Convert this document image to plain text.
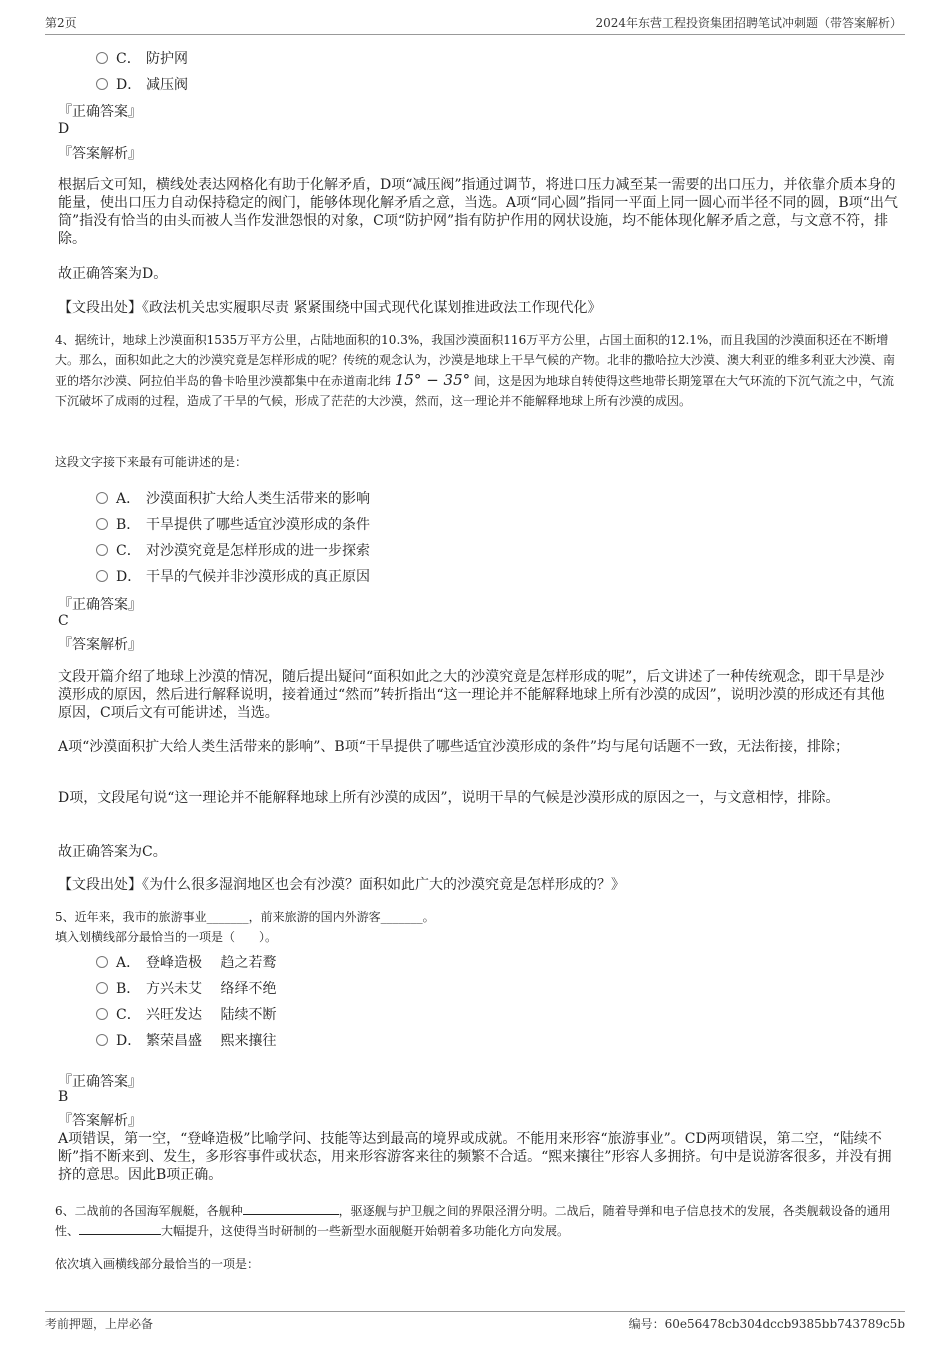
第2页	2024年东营工程投资集团招聘笔试冲刺题（带答案解析）
C． 防护网
D． 减压阀
『正确答案』
D
『答案解析』
根据后文可知，横线处表达网格化有助于化解矛盾，D项“减压阀”指通过调节，将进口压力减至某一需要的出口压力，并依靠介质本身的能量，使出口压力自动保持稳定的阀门，能够体现化解矛盾之意，当选。A项“同心圆”指同一平面上同一圆心而半径不同的圆，B项“出气筒”指没有恰当的由头而被人当作发泄怨恨的对象，C项“防护网”指有防护作用的网状设施，均不能体现化解矛盾之意，与文意不符，排除。
故正确答案为D。
【文段出处】《政法机关忠实履职尽责 紧紧围绕中国式现代化谋划推进政法工作现代化》
4、据统计，地球上沙漠面积1535万平方公里，占陆地面积的10.3%，我国沙漠面积116万平方公里，占国土面积的12.1%，而且我国的沙漠面积还在不断增大。那么，面积如此之大的沙漠究竟是怎样形成的呢？传统的观念认为，沙漠是地球上干旱气候的产物。北非的撒哈拉大沙漠、澳大利亚的维多利亚大沙漠、南亚的塔尔沙漠、阿拉伯半岛的鲁卡哈里沙漠都集中在赤道南北纬 15° − 35° 间，这是因为地球自转使得这些地带长期笼罩在大气环流的下沉气流之中，气流下沉破坏了成雨的过程，造成了干旱的气候，形成了茫茫的大沙漠，然而，这一理论并不能解释地球上所有沙漠的成因。
这段文字接下来最有可能讲述的是：
A． 沙漠面积扩大给人类生活带来的影响
B． 干旱提供了哪些适宜沙漠形成的条件
C． 对沙漠究竟是怎样形成的进一步探索
D． 干旱的气候并非沙漠形成的真正原因
『正确答案』
C
『答案解析』
文段开篇介绍了地球上沙漠的情况，随后提出疑问“面积如此之大的沙漠究竟是怎样形成的呢”，后文讲述了一种传统观念，即干旱是沙漠形成的原因，然后进行解释说明，接着通过“然而”转折指出“这一理论并不能解释地球上所有沙漠的成因”，说明沙漠的形成还有其他原因，C项后文有可能讲述，当选。
A项“沙漠面积扩大给人类生活带来的影响”、B项“干旱提供了哪些适宜沙漠形成的条件”均与尾句话题不一致，无法衔接，排除；
D项，文段尾句说“这一理论并不能解释地球上所有沙漠的成因”，说明干旱的气候是沙漠形成的原因之一，与文意相悖，排除。
故正确答案为C。
【文段出处】《为什么很多湿润地区也会有沙漠？面积如此广大的沙漠究竟是怎样形成的？》
5、近年来，我市的旅游事业_______，前来旅游的国内外游客_______。
填入划横线部分最恰当的一项是（　　）。
A． 登峰造极　 趋之若鹜
B． 方兴未艾　 络绎不绝
C． 兴旺发达　 陆续不断
D． 繁荣昌盛　 熙来攘往
『正确答案』
B
『答案解析』
A项错误，第一空，“登峰造极”比喻学问、技能等达到最高的境界或成就。不能用来形容“旅游事业”。CD两项错误，第二空，“陆续不断”指不断来到、发生，多形容事件或状态，用来形容游客来往的频繁不合适。“熙来攘往”形容人多拥挤。句中是说游客很多，并没有拥挤的意思。因此B项正确。
6、二战前的各国海军舰艇，各舰种	，驱逐舰与护卫舰之间的界限泾渭分明。二战后，随着导弹和电子信息技术的发展，各类舰载设备的通用性、	大幅提升，这使得当时研制的一些新型水面舰艇开始朝着多功能化方向发展。
依次填入画横线部分最恰当的一项是：
考前押题，上岸必备	编号：60e56478cb304dccb9385bb743789c5b
